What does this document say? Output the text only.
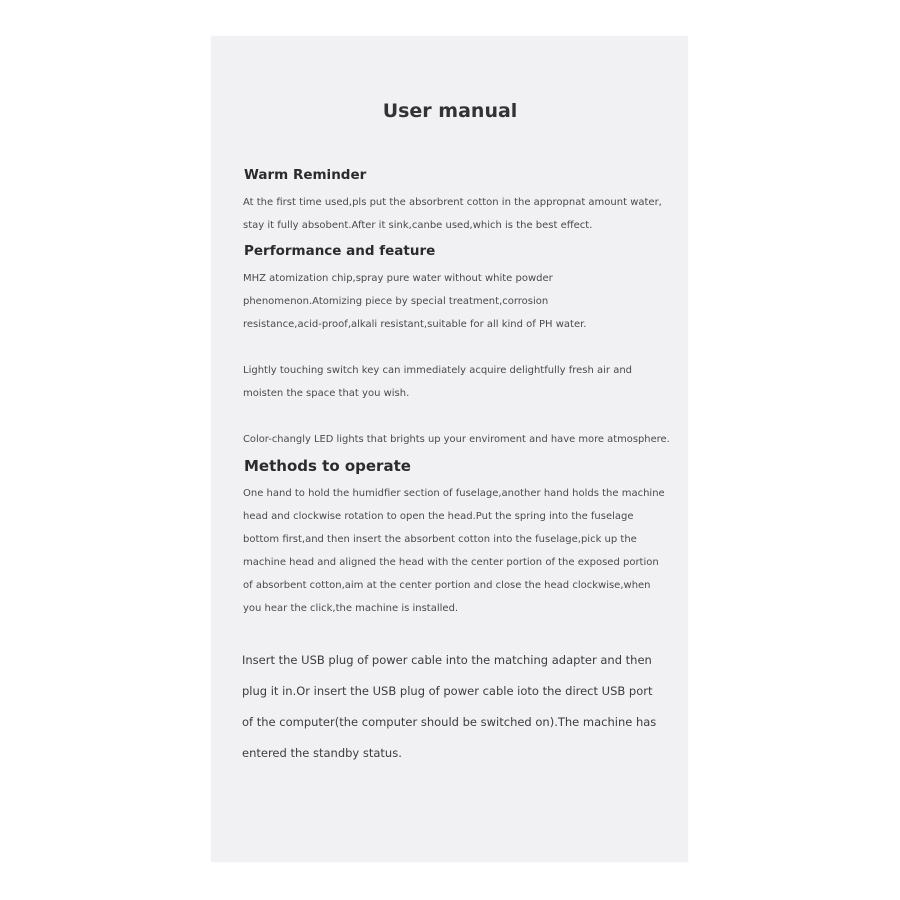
User manual
Warm Reminder

At the first time used,pls put the absorbrent cotton in the appropnat amount water,

stay it fully absobent.After it sink,canbe used,which is the best effect.

Performance and feature

MHZ atomization chip,spray pure water without white powder

phenomenon.Atomizing piece by special treatment,corrosion

resistance,acid-proof,alkali resistant,suitable for all kind of PH water.

Lightly touching switch key can immediately acquire delightfully fresh air and

moisten the space that you wish.

Color-changly LED lights that brights up your enviroment and have more atmosphere.

Methods to operate

One hand to hold the humidfier section of fuselage,another hand holds the machine

head and clockwise rotation to open the head.Put the spring into the fuselage

bottom first,and then insert the absorbent cotton into the fuselage,pick up the

machine head and aligned the head with the center portion of the exposed portion

of absorbent cotton,aim at the center portion and close the head clockwise,when

you hear the click,the machine is installed.

Insert the USB plug of power cable into the matching adapter and then

plug it in.Or insert the USB plug of power cable ioto the direct USB port

of the computer(the computer should be switched on).The machine has

entered the standby status.
